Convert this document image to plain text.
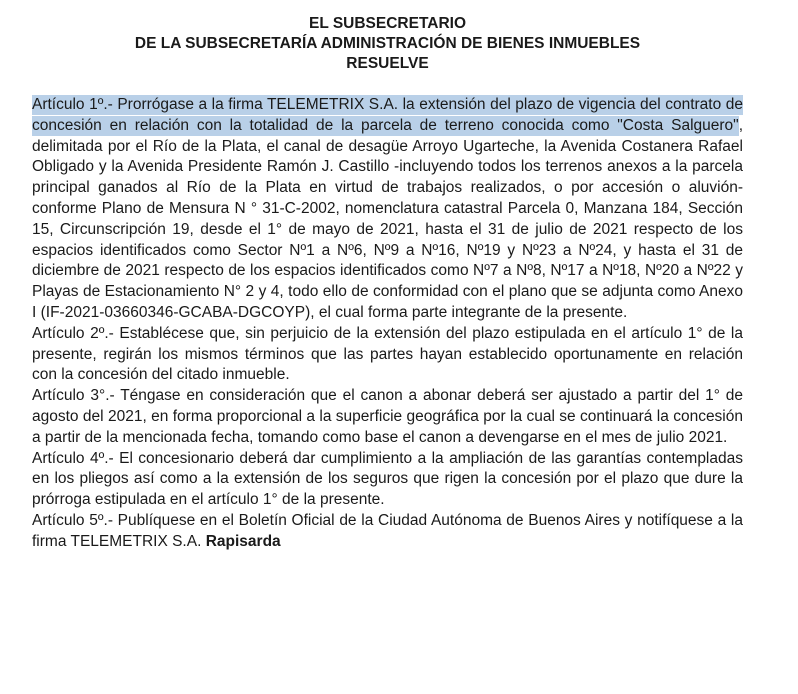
EL SUBSECRETARIO
DE LA SUBSECRETARÍA ADMINISTRACIÓN DE BIENES INMUEBLES
RESUELVE

Artículo 1º.- Prorrógase a la firma TELEMETRIX S.A. la extensión del plazo de vigencia del contrato de concesión en relación con la totalidad de la parcela de terreno conocida como "Costa Salguero", delimitada por el Río de la Plata, el canal de desagüe Arroyo Ugarteche, la Avenida Costanera Rafael Obligado y la Avenida Presidente Ramón J. Castillo -incluyendo todos los terrenos anexos a la parcela principal ganados al Río de la Plata en virtud de trabajos realizados, o por accesión o aluvión- conforme Plano de Mensura N ° 31-C-2002, nomenclatura catastral Parcela 0, Manzana 184, Sección 15, Circunscripción 19, desde el 1° de mayo de 2021, hasta el 31 de julio de 2021 respecto de los espacios identificados como Sector Nº1 a Nº6, Nº9 a Nº16, Nº19 y Nº23 a Nº24, y hasta el 31 de diciembre de 2021 respecto de los espacios identificados como Nº7 a Nº8, Nº17 a Nº18, Nº20 a Nº22 y Playas de Estacionamiento N° 2 y 4, todo ello de conformidad con el plano que se adjunta como Anexo I (IF-2021-03660346-GCABA-DGCOYP), el cual forma parte integrante de la presente.

Artículo 2º.- Establécese que, sin perjuicio de la extensión del plazo estipulada en el artículo 1° de la presente, regirán los mismos términos que las partes hayan establecido oportunamente en relación con la concesión del citado inmueble.

Artículo 3°.- Téngase en consideración que el canon a abonar deberá ser ajustado a partir del 1° de agosto del 2021, en forma proporcional a la superficie geográfica por la cual se continuará la concesión a partir de la mencionada fecha, tomando como base el canon a devengarse en el mes de julio 2021.

Artículo 4º.- El concesionario deberá dar cumplimiento a la ampliación de las garantías contempladas en los pliegos así como a la extensión de los seguros que rigen la concesión por el plazo que dure la prórroga estipulada en el artículo 1° de la presente.

Artículo 5º.- Publíquese en el Boletín Oficial de la Ciudad Autónoma de Buenos Aires y notifíquese a la firma TELEMETRIX S.A. Rapisarda
